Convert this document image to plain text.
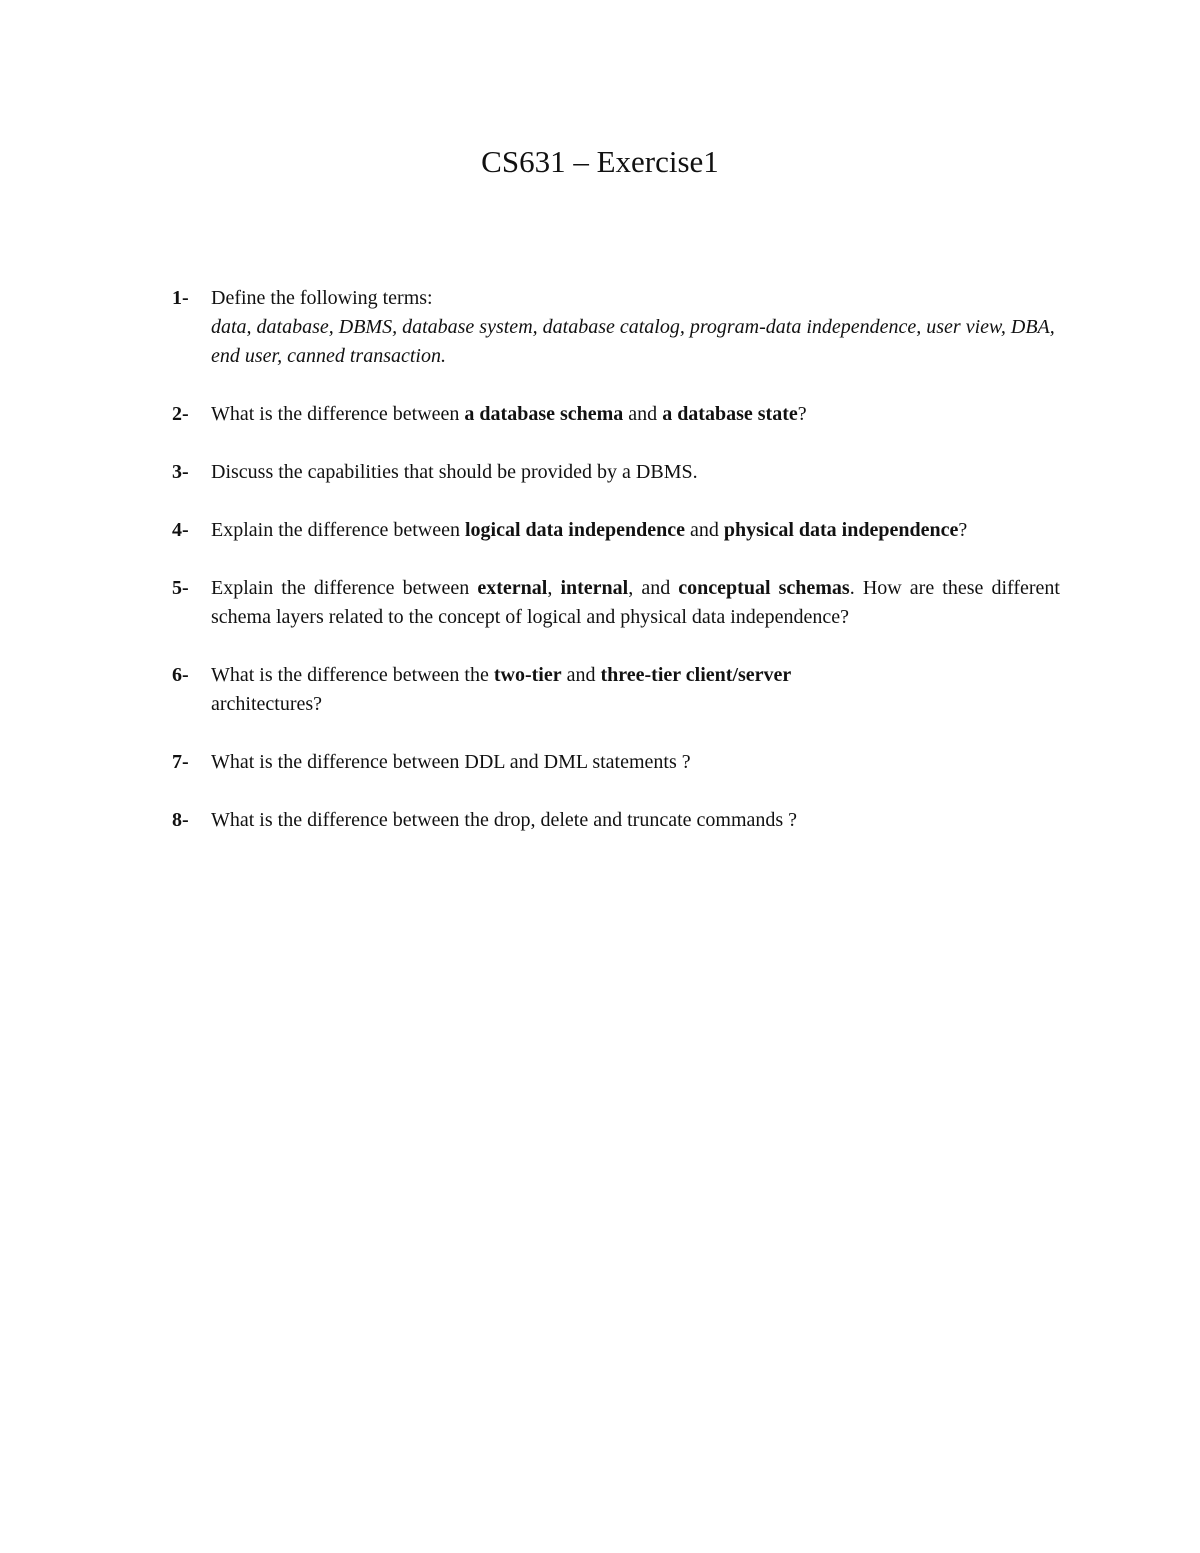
CS631 – Exercise1
1-	Define the following terms:
data, database, DBMS, database system, database catalog, program-data independence, user view, DBA, end user, canned transaction.
2-	What is the difference between a database schema and a database state?
3-	Discuss the capabilities that should be provided by a DBMS.
4-	Explain the difference between logical data independence and physical data independence?
5-	Explain the difference between external, internal, and conceptual schemas. How are these different schema layers related to the concept of logical and physical data independence?
6-	What is the difference between the two-tier and three-tier client/server
architectures?
7-	What is the difference between DDL and DML statements ?
8-	What is the difference between the drop, delete and truncate commands ?
